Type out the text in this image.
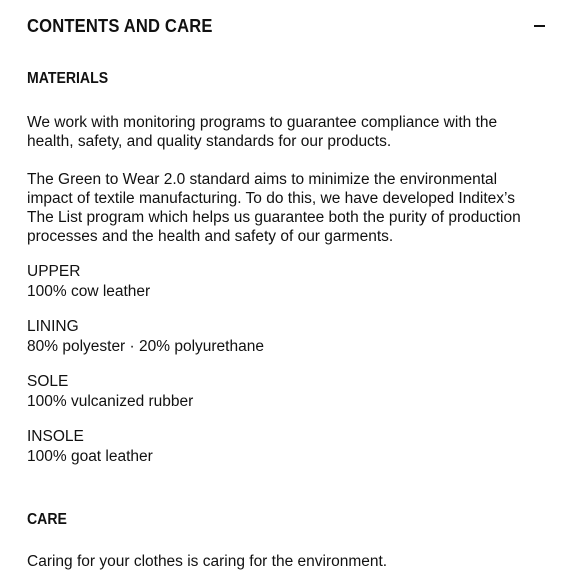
CONTENTS AND CARE
MATERIALS
We work with monitoring programs to guarantee compliance with the
health, safety, and quality standards for our products.
The Green to Wear 2.0 standard aims to minimize the environmental
impact of textile manufacturing. To do this, we have developed Inditex’s
The List program which helps us guarantee both the purity of production
processes and the health and safety of our garments.
UPPER
100% cow leather
LINING
80% polyester · 20% polyurethane
SOLE
100% vulcanized rubber
INSOLE
100% goat leather
CARE
Caring for your clothes is caring for the environment.
